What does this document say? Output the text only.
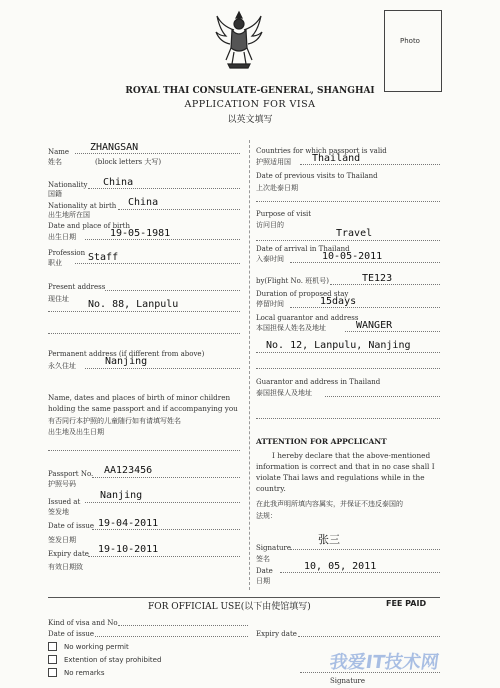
Photo
ROYAL THAI CONSULATE-GENERAL, SHANGHAI
APPLICATION FOR VISA
以英文填写
Name ZHANGSAN
姓名	(block letters 大写)
Nationality China
国籍
Nationality at birth China
出生地所在国
Date and place of birth
19-05-1981
出生日期
Profession Staff
职业
Present address
现住址 No. 88, Lanpulu
Permanent address (if different from above)
永久住址	Nanjing
Name, dates and places of birth of minor children
holding the same passport and if accompanying you
有否同行本护照的儿童随行如有请填写姓名
出生地及出生日期
Passport No. AA123456
护照号码
Issued at
Nanjing
签发地
Date of issue 19-04-2011
签发日期
Expiry date 19-10-2011
有效日期致
Countries for which passport is valid
护照适用国 Thailand
Date of previous visits to Thailand
上次赴泰日期
Purpose of visit
访问目的
Travel
Date of arrival in Thailand
入泰时间	10-05-2011
by(Flight No. 班机号)	TE123
Duration of proposed stay
停留时间	15days
Local guarantor and address
本国担保人姓名及地址	WANGER
No. 12, Lanpulu, Nanjing
Guarantor and address in Thailand
泰国担保人及地址
ATTENTION FOR APPCLICANT
I hereby declare that the above-mentioned
information is correct and that in no case shall I
violate Thai laws and regulations while in the
country.
在此我声明所填内容属实，并保证不违反泰国的
法规：
Signature
张三
签名
Date	10, 05, 2011
日期
FOR OFFICIAL USE(以下由使馆填写)	FEE PAID
Kind of visa and No
Date of issue
No working permit
Extention of stay prohibited
No remarks
Expiry date
Signature
我爱IT技术网
